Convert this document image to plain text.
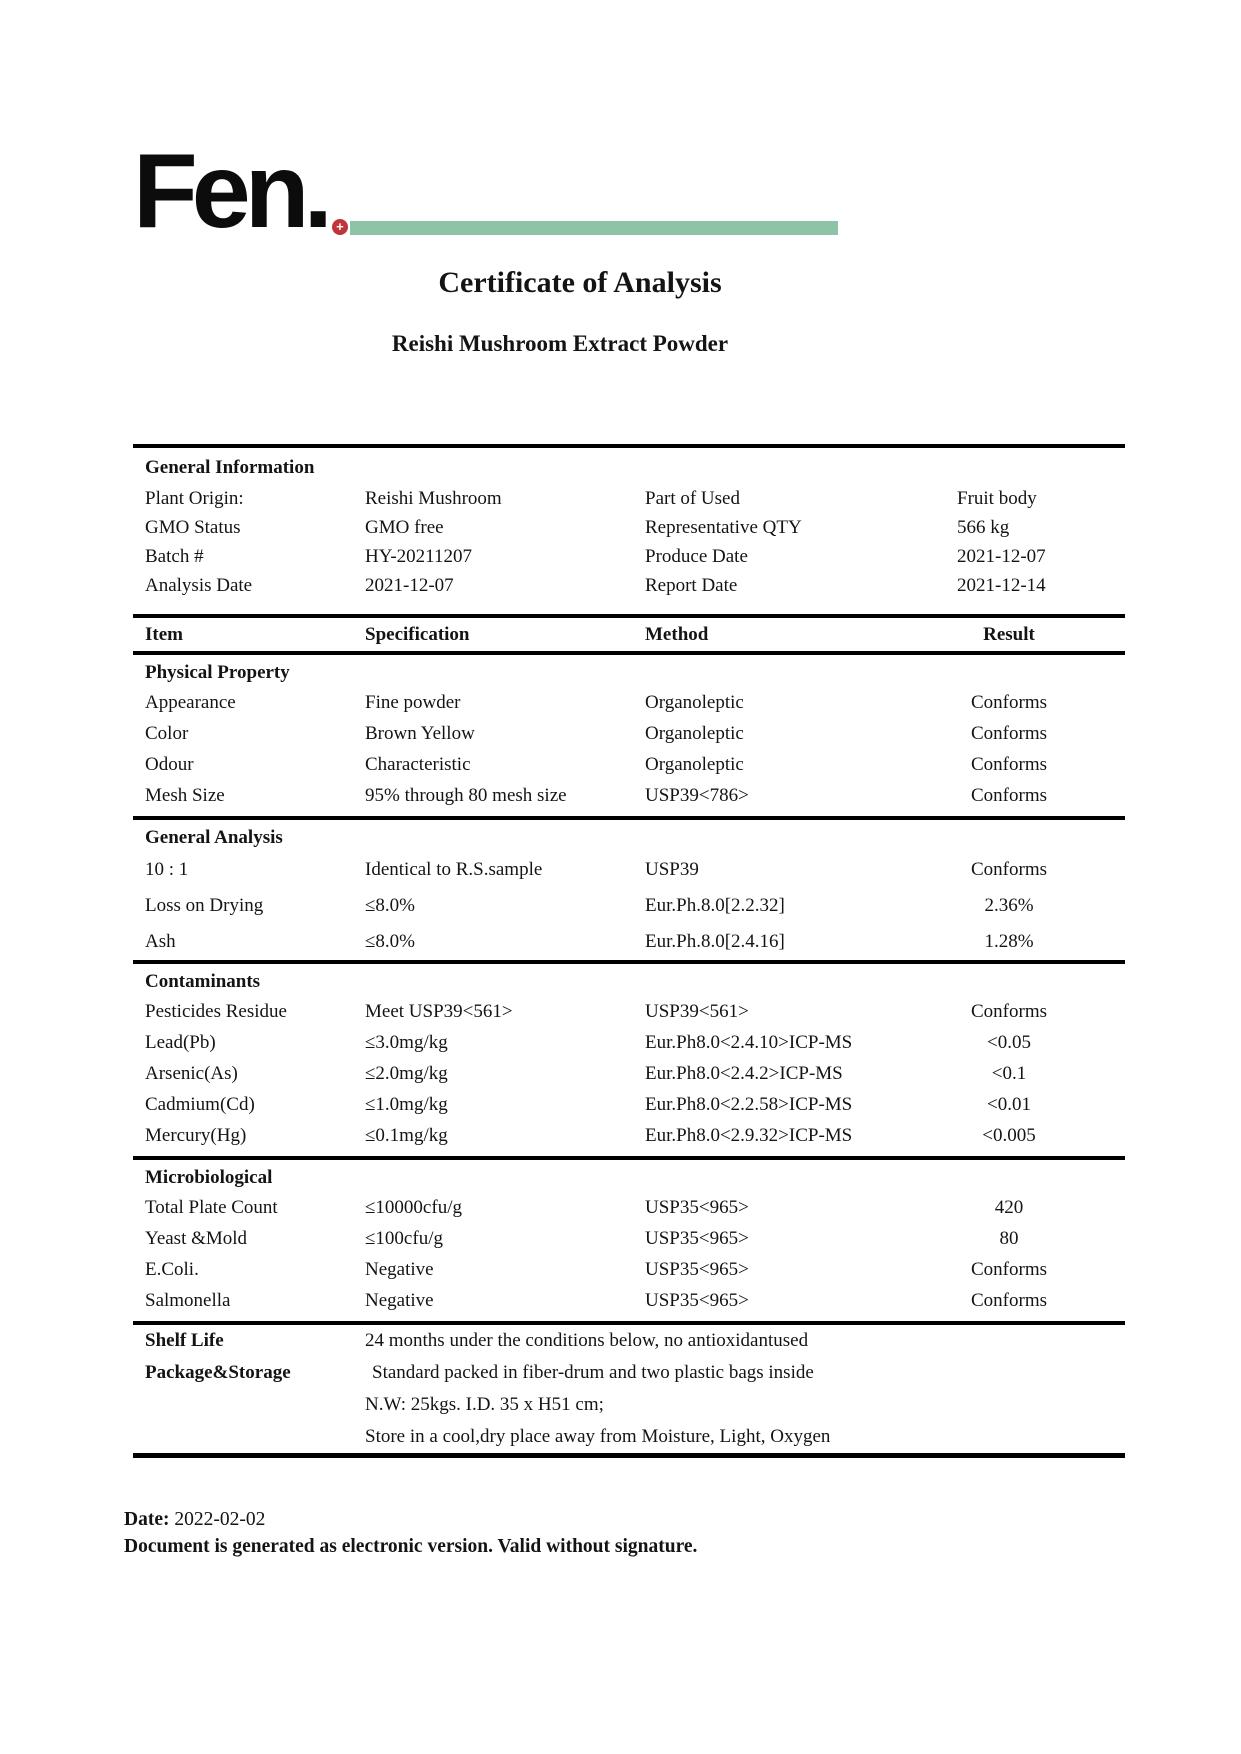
Fen. +
Certificate of Analysis
Reishi Mushroom Extract Powder
General Information
Plant Origin:	Reishi Mushroom	Part of Used	Fruit body
GMO Status	GMO free	Representative QTY	566 kg
Batch #	HY-20211207	Produce Date	2021-12-07
Analysis Date	2021-12-07	Report Date	2021-12-14
Item	Specification	Method	Result
Physical Property
Appearance	Fine powder	Organoleptic	Conforms
Color	Brown Yellow	Organoleptic	Conforms
Odour	Characteristic	Organoleptic	Conforms
Mesh Size	95% through 80 mesh size	USP39<786>	Conforms
General Analysis
10 : 1	Identical to R.S.sample	USP39	Conforms
Loss on Drying	≤8.0%	Eur.Ph.8.0[2.2.32]	2.36%
Ash	≤8.0%	Eur.Ph.8.0[2.4.16]	1.28%
Contaminants
Pesticides Residue	Meet USP39<561>	USP39<561>	Conforms
Lead(Pb)	≤3.0mg/kg	Eur.Ph8.0<2.4.10>ICP-MS	<0.05
Arsenic(As)	≤2.0mg/kg	Eur.Ph8.0<2.4.2>ICP-MS	<0.1
Cadmium(Cd)	≤1.0mg/kg	Eur.Ph8.0<2.2.58>ICP-MS	<0.01
Mercury(Hg)	≤0.1mg/kg	Eur.Ph8.0<2.9.32>ICP-MS	<0.005
Microbiological
Total Plate Count	≤10000cfu/g	USP35<965>	420
Yeast &Mold	≤100cfu/g	USP35<965>	80
E.Coli.	Negative	USP35<965>	Conforms
Salmonella	Negative	USP35<965>	Conforms
Shelf Life	24 months under the conditions below, no antioxidantused
Package&Storage	Standard packed in fiber-drum and two plastic bags inside
N.W: 25kgs. I.D. 35 x H51 cm;
Store in a cool,dry place away from Moisture, Light, Oxygen
Date: 2022-02-02
Document is generated as electronic version. Valid without signature.
